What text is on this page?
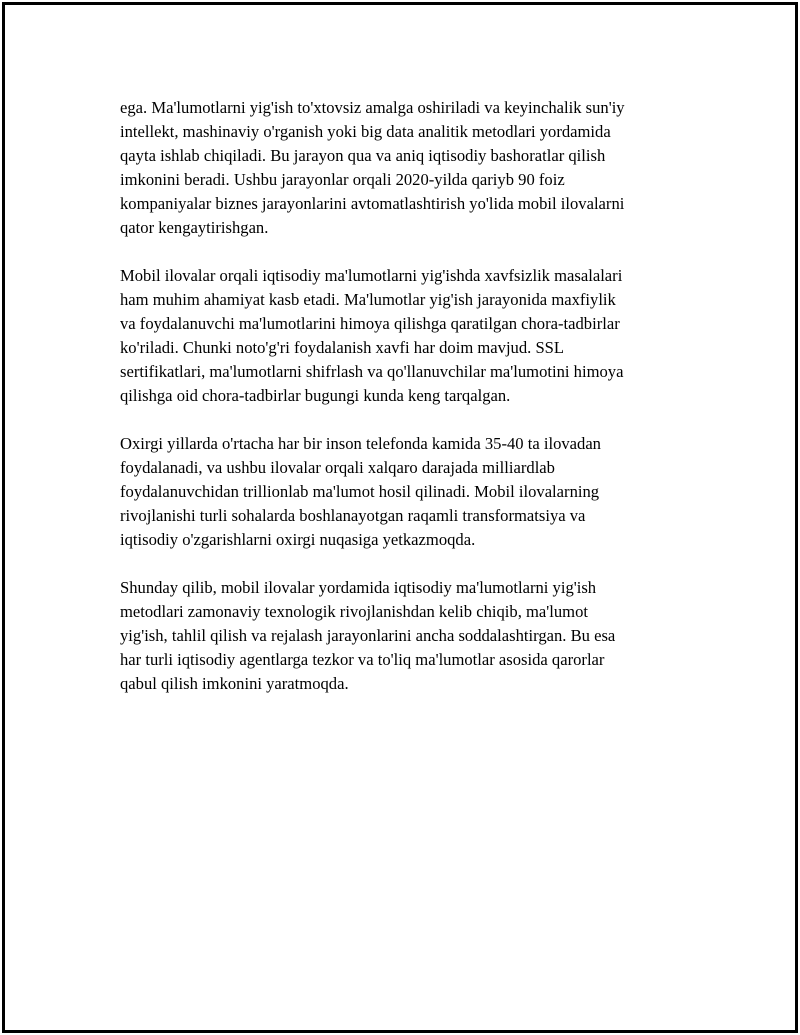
ega. Ma'lumotlarni yig'ish to'xtovsiz amalga oshiriladi va keyinchalik sun'iy
intellekt, mashinaviy o'rganish yoki big data analitik metodlari yordamida
qayta ishlab chiqiladi. Bu jarayon qua va aniq iqtisodiy bashoratlar qilish
imkonini beradi. Ushbu jarayonlar orqali 2020-yilda qariyb 90 foiz
kompaniyalar biznes jarayonlarini avtomatlashtirish yo'lida mobil ilovalarni
qator kengaytirishgan.

Mobil ilovalar orqali iqtisodiy ma'lumotlarni yig'ishda xavfsizlik masalalari
ham muhim ahamiyat kasb etadi. Ma'lumotlar yig'ish jarayonida maxfiylik
va foydalanuvchi ma'lumotlarini himoya qilishga qaratilgan chora-tadbirlar
ko'riladi. Chunki noto'g'ri foydalanish xavfi har doim mavjud. SSL
sertifikatlari, ma'lumotlarni shifrlash va qo'llanuvchilar ma'lumotini himoya
qilishga oid chora-tadbirlar bugungi kunda keng tarqalgan.

Oxirgi yillarda o'rtacha har bir inson telefonda kamida 35-40 ta ilovadan
foydalanadi, va ushbu ilovalar orqali xalqaro darajada milliardlab
foydalanuvchidan trillionlab ma'lumot hosil qilinadi. Mobil ilovalarning
rivojlanishi turli sohalarda boshlanayotgan raqamli transformatsiya va
iqtisodiy o'zgarishlarni oxirgi nuqasiga yetkazmoqda.

Shunday qilib, mobil ilovalar yordamida iqtisodiy ma'lumotlarni yig'ish
metodlari zamonaviy texnologik rivojlanishdan kelib chiqib, ma'lumot
yig'ish, tahlil qilish va rejalash jarayonlarini ancha soddalashtirgan. Bu esa
har turli iqtisodiy agentlarga tezkor va to'liq ma'lumotlar asosida qarorlar
qabul qilish imkonini yaratmoqda.
